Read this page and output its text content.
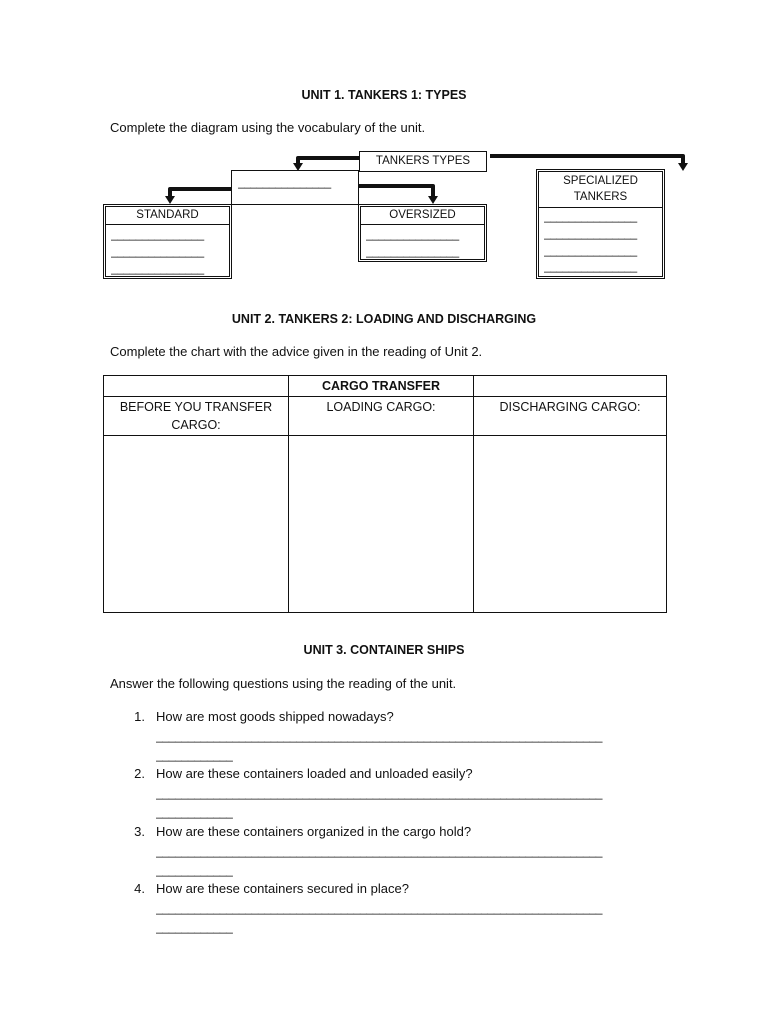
UNIT 1. TANKERS 1: TYPES
Complete the diagram using the vocabulary of the unit.
TANKERS TYPES
_______________
STANDARD
_______________
_______________
_______________
OVERSIZED
_______________
_______________
SPECIALIZED
TANKERS
_______________
_______________
_______________
_______________
UNIT 2. TANKERS 2: LOADING AND DISCHARGING
Complete the chart with the advice given in the reading of Unit 2.
	CARGO TRANSFER	

BEFORE YOU TRANSFER
CARGO:	LOADING CARGO:	DISCHARGING CARGO:

UNIT 3. CONTAINER SHIPS
Answer the following questions using the reading of the unit.
1. How are most goods shipped nowadays?
______________________________________________________________________
____________
2. How are these containers loaded and unloaded easily?
______________________________________________________________________
____________
3. How are these containers organized in the cargo hold?
______________________________________________________________________
____________
4. How are these containers secured in place?
______________________________________________________________________
____________
